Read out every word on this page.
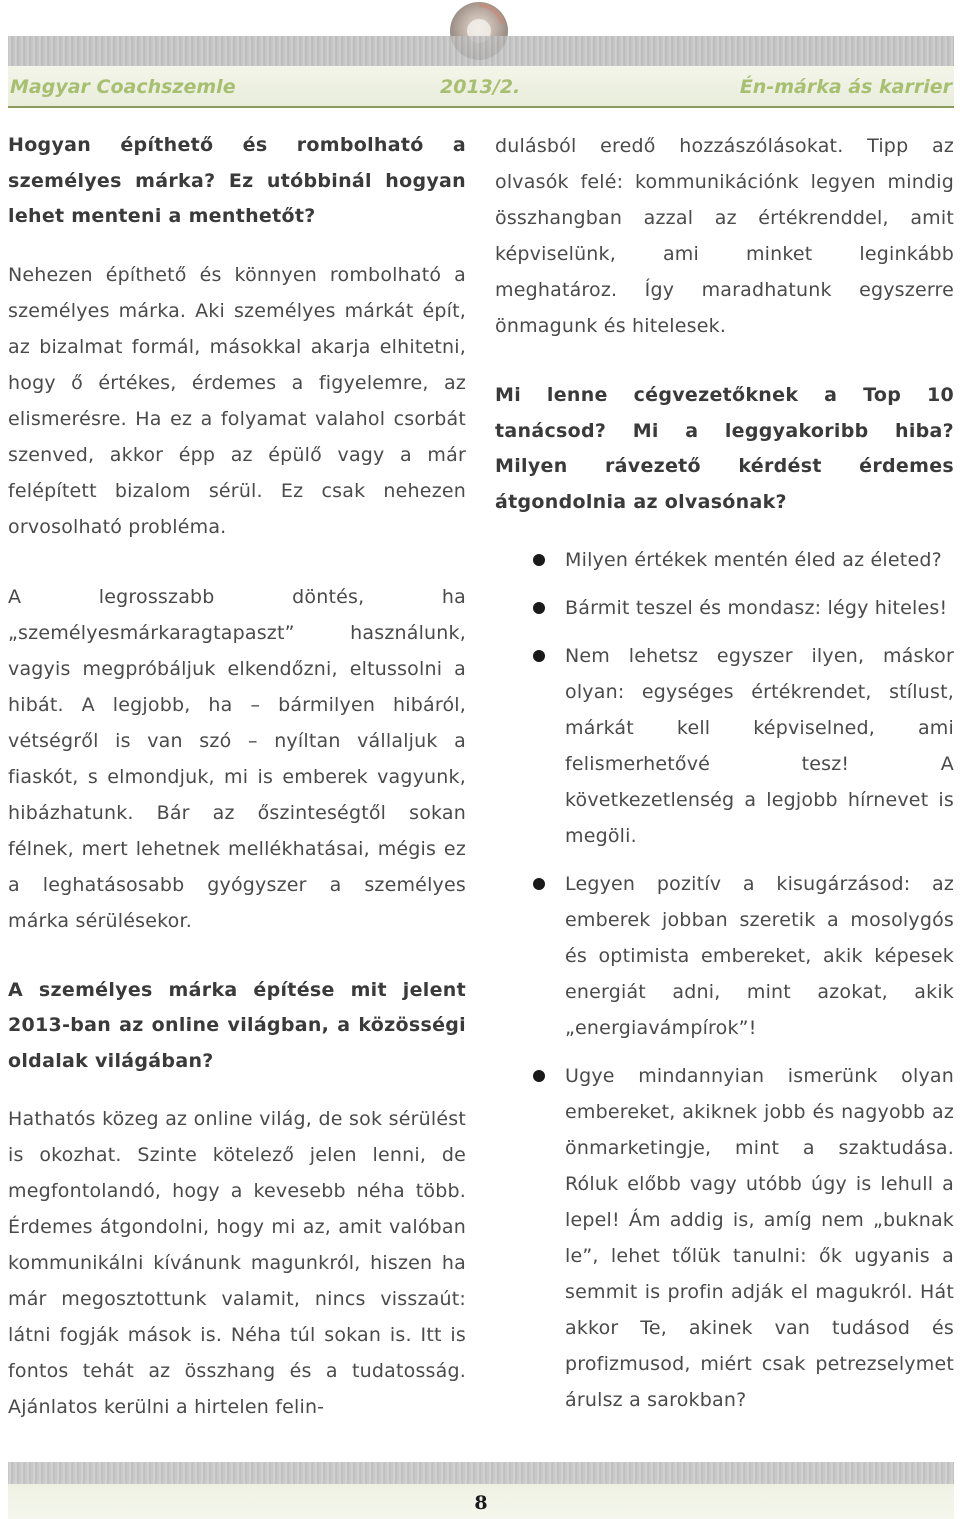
Magyar Coachszemle	2013/2.	Én-márka ás karrier

Hogyan építhető és rombolható a személyes márka? Ez utóbbinál hogyan lehet menteni a menthetőt?

Nehezen építhető és könnyen rombolható a személyes márka. Aki személyes márkát épít, az bizalmat formál, másokkal akarja elhitetni, hogy ő értékes, érdemes a figyelemre, az elismerésre. Ha ez a folyamat valahol csorbát szenved, akkor épp az épülő vagy a már felépített bizalom sérül. Ez csak nehezen orvosolható probléma.

A legrosszabb döntés, ha „személyesmárkaragtapaszt” használunk, vagyis megpróbáljuk elkendőzni, eltussolni a hibát. A legjobb, ha – bármilyen hibáról, vétségről is van szó – nyíltan vállaljuk a fiaskót, s elmondjuk, mi is emberek vagyunk, hibázhatunk. Bár az őszinteségtől sokan félnek, mert lehetnek mellékhatásai, mégis ez a leghatásosabb gyógyszer a személyes márka sérülésekor.

A személyes márka építése mit jelent 2013-ban az online világban, a közösségi oldalak világában?

Hathatós közeg az online világ, de sok sérülést is okozhat. Szinte kötelező jelen lenni, de megfontolandó, hogy a kevesebb néha több. Érdemes átgondolni, hogy mi az, amit valóban kommunikálni kívánunk magunkról, hiszen ha már megosztottunk valamit, nincs visszaút: látni fogják mások is. Néha túl sokan is. Itt is fontos tehát az összhang és a tudatosság. Ajánlatos kerülni a hirtelen felin-

dulásból eredő hozzászólásokat. Tipp az olvasók felé: kommunikációnk legyen mindig összhangban azzal az értékrenddel, amit képviselünk, ami minket leginkább meghatároz. Így maradhatunk egyszerre önmagunk és hitelesek.

Mi lenne cégvezetőknek a Top 10 tanácsod? Mi a leggyakoribb hiba? Milyen rávezető kérdést érdemes átgondolnia az olvasónak?

Milyen értékek mentén éled az életed?
Bármit teszel és mondasz: légy hiteles!
Nem lehetsz egyszer ilyen, máskor olyan: egységes értékrendet, stílust, márkát kell képviselned, ami felismerhetővé tesz! A következetlenség a legjobb hírnevet is megöli.
Legyen pozitív a kisugárzásod: az emberek jobban szeretik a mosolygós és optimista embereket, akik képesek energiát adni, mint azokat, akik „energiavámpírok”!
Ugye mindannyian ismerünk olyan embereket, akiknek jobb és nagyobb az önmarketingje, mint a szaktudása. Róluk előbb vagy utóbb úgy is lehull a lepel! Ám addig is, amíg nem „buknak le”, lehet tőlük tanulni: ők ugyanis a semmit is profin adják el magukról. Hát akkor Te, akinek van tudásod és profizmusod, miért csak petrezselymet árulsz a sarokban?
8
